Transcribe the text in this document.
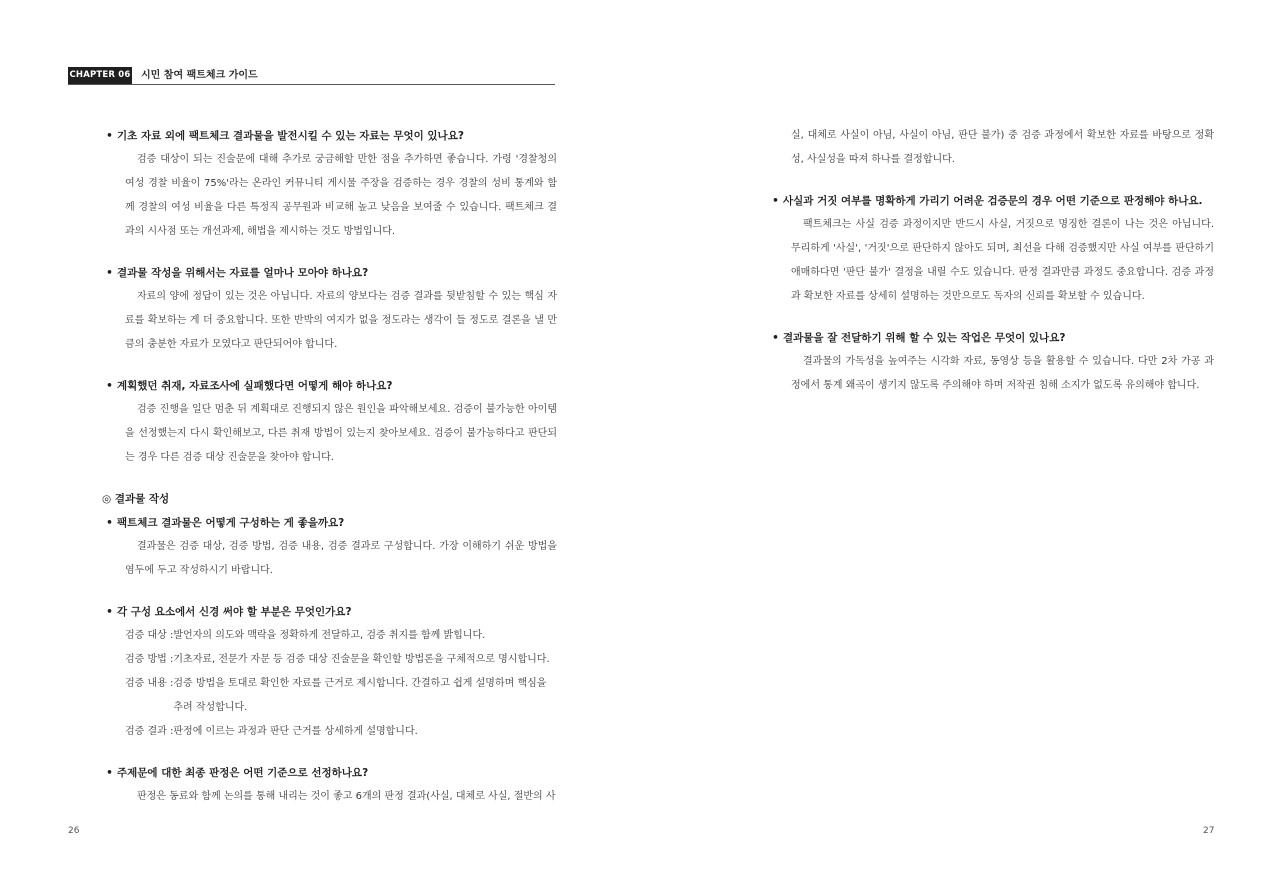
CHAPTER 06 시민 참여 팩트체크 가이드
• 기초 자료 외에 팩트체크 결과물을 발전시킬 수 있는 자료는 무엇이 있나요?
검증 대상이 되는 진술문에 대해 추가로 궁금해할 만한 점을 추가하면 좋습니다. 가령 '경찰청의 여성 경찰 비율이 75%'라는 온라인 커뮤니티 게시물 주장을 검증하는 경우 경찰의 성비 통계와 함께 경찰의 여성 비율을 다른 특정직 공무원과 비교해 높고 낮음을 보여줄 수 있습니다. 팩트체크 결과의 시사점 또는 개선과제, 해법을 제시하는 것도 방법입니다.
• 결과물 작성을 위해서는 자료를 얼마나 모아야 하나요?
자료의 양에 정답이 있는 것은 아닙니다. 자료의 양보다는 검증 결과를 뒷받침할 수 있는 핵심 자료를 확보하는 게 더 중요합니다. 또한 반박의 여지가 없을 정도라는 생각이 들 정도로 결론을 낼 만큼의 충분한 자료가 모였다고 판단되어야 합니다.
• 계획했던 취재, 자료조사에 실패했다면 어떻게 해야 하나요?
검증 진행을 일단 멈춘 뒤 계획대로 진행되지 않은 원인을 파악해보세요. 검증이 불가능한 아이템을 선정했는지 다시 확인해보고, 다른 취재 방법이 있는지 찾아보세요. 검증이 불가능하다고 판단되는 경우 다른 검증 대상 진술문을 찾아야 합니다.
◎ 결과물 작성
• 팩트체크 결과물은 어떻게 구성하는 게 좋을까요?
결과물은 검증 대상, 검증 방법, 검증 내용, 검증 결과로 구성합니다. 가장 이해하기 쉬운 방법을 염두에 두고 작성하시기 바랍니다.
• 각 구성 요소에서 신경 써야 할 부분은 무엇인가요?
검증 대상 : 발언자의 의도와 맥락을 정확하게 전달하고, 검증 취지를 함께 밝힙니다.
검증 방법 : 기초자료, 전문가 자문 등 검증 대상 진술문을 확인할 방법론을 구체적으로 명시합니다.
검증 내용 : 검증 방법을 토대로 확인한 자료를 근거로 제시합니다. 간결하고 쉽게 설명하며 핵심을 추려 작성합니다.
검증 결과 : 판정에 이르는 과정과 판단 근거를 상세하게 설명합니다.
• 주제문에 대한 최종 판정은 어떤 기준으로 선정하나요?
판정은 동료와 함께 논의를 통해 내리는 것이 좋고 6개의 판정 결과(사실, 대체로 사실, 절반의 사
26
실, 대체로 사실이 아님, 사실이 아님, 판단 불가) 중 검증 과정에서 확보한 자료를 바탕으로 정확성, 사실성을 따져 하나를 결정합니다.
• 사실과 거짓 여부를 명확하게 가리기 어려운 검증문의 경우 어떤 기준으로 판정해야 하나요.
팩트체크는 사실 검증 과정이지만 반드시 사실, 거짓으로 명징한 결론이 나는 것은 아닙니다. 무리하게 '사실', '거짓'으로 판단하지 않아도 되며, 최선을 다해 검증했지만 사실 여부를 판단하기 애매하다면 '판단 불가' 결정을 내릴 수도 있습니다. 판정 결과만큼 과정도 중요합니다. 검증 과정과 확보한 자료를 상세히 설명하는 것만으로도 독자의 신뢰를 확보할 수 있습니다.
• 결과물을 잘 전달하기 위해 할 수 있는 작업은 무엇이 있나요?
결과물의 가독성을 높여주는 시각화 자료, 동영상 등을 활용할 수 있습니다. 다만 2차 가공 과정에서 통계 왜곡이 생기지 않도록 주의해야 하며 저작권 침해 소지가 없도록 유의해야 합니다.
27
